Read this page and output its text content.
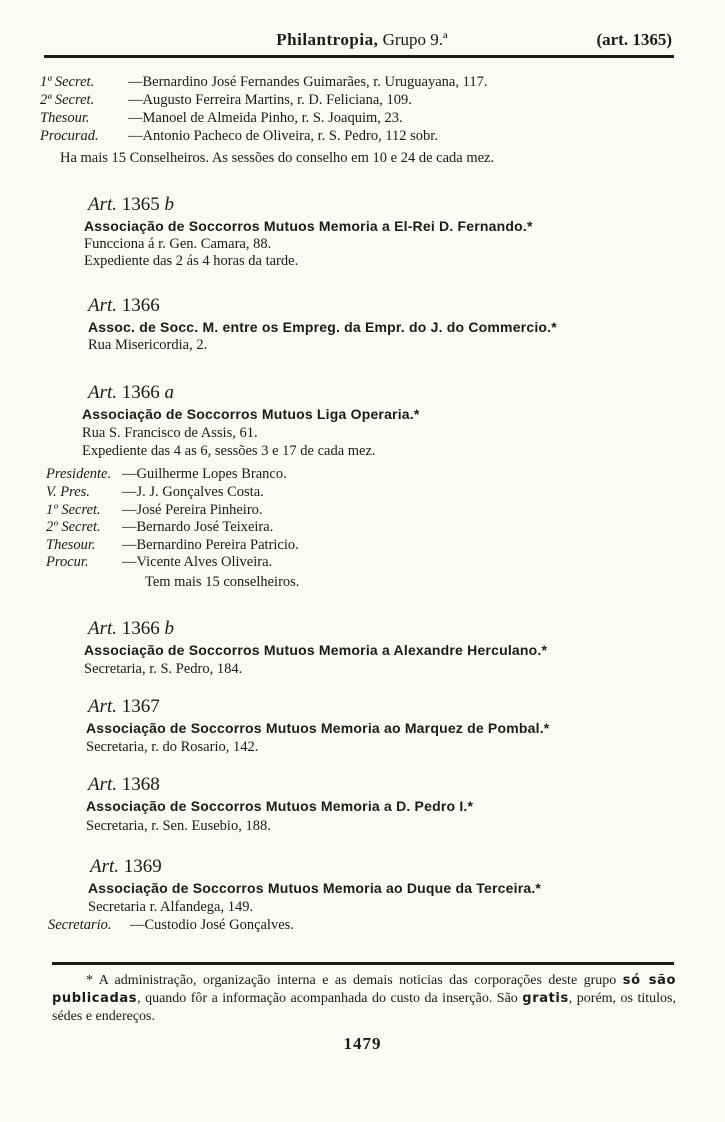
Philantropia, Grupo 9.ª	(art. 1365)
1ª Secret. —Bernardino José Fernandes Guimarães, r. Uruguayana, 117.
2ª Secret. —Augusto Ferreira Martins, r. D. Feliciana, 109.
Thesour.	—Manoel de Almeida Pinho, r. S. Joaquim, 23.
Procurad. —Antonio Pacheco de Oliveira, r. S. Pedro, 112 sobr.
Ha mais 15 Conselheiros. As sessões do conselho em 10 e 24 de cada mez.
Art. 1365 b
Associação de Soccorros Mutuos Memoria a El-Rei D. Fernando.*
Funcciona á r. Gen. Camara, 88.
Expediente das 2 ás 4 horas da tarde.
Art. 1366
Assoc. de Socc. M. entre os Empreg. da Empr. do J. do Commercio.*
Rua Misericordia, 2.
Art. 1366 a
Associação de Soccorros Mutuos Liga Operaria.*
Rua S. Francisco de Assis, 61.
Expediente das 4 as 6, sessões 3 e 17 de cada mez.
Presidente. —Guilherme Lopes Branco.
V. Pres. —J. J. Gonçalves Costa.
1º Secret. —José Pereira Pinheiro.
2º Secret. —Bernardo José Teixeira.
Thesour. —Bernardino Pereira Patricio.
Procur. —Vicente Alves Oliveira.
Tem mais 15 conselheiros.
Art. 1366 b
Associação de Soccorros Mutuos Memoria a Alexandre Herculano.*
Secretaria, r. S. Pedro, 184.
Art. 1367
Associação de Soccorros Mutuos Memoria ao Marquez de Pombal.*
Secretaria, r. do Rosario, 142.
Art. 1368
Associação de Soccorros Mutuos Memoria a D. Pedro I.*
Secretaria, r. Sen. Eusebio, 188.
Art. 1369
Associação de Soccorros Mutuos Memoria ao Duque da Terceira.*
Secretaria r. Alfandega, 149.
Secretario. —Custodio José Gonçalves.
* A administração, organização interna e as demais noticias das corporações deste grupo só são publicadas, quando fôr a informação acompanhada do custo da inserção. São gratis, porém, os titulos, sédes e endereços.
1479
